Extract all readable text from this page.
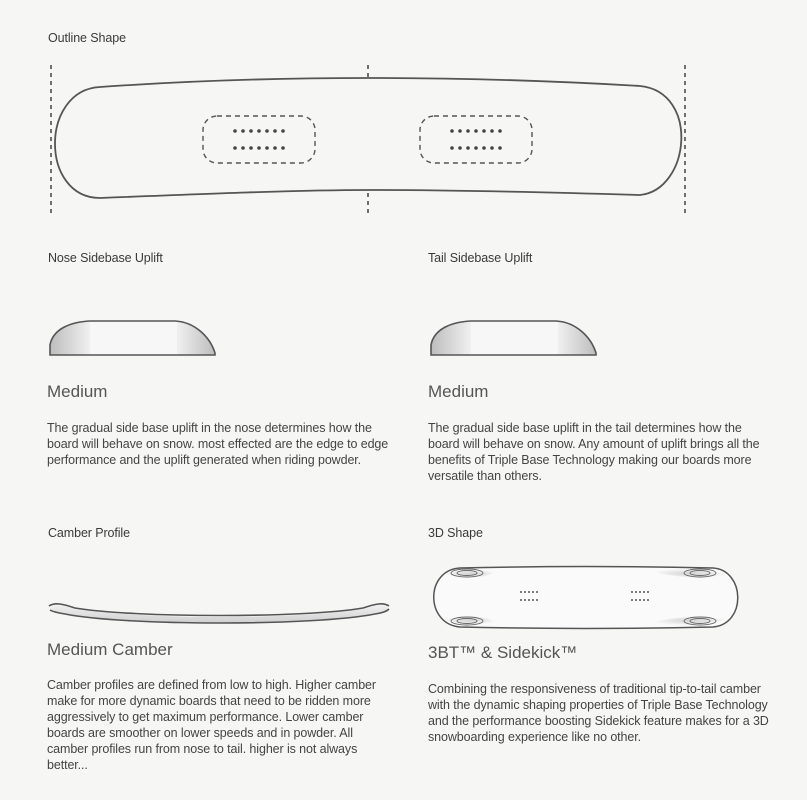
Outline Shape
Nose Sidebase Uplift
Medium
The gradual side base uplift in the nose determines how the board will behave on snow. most effected are the edge to edge performance and the uplift generated when riding powder.
Tail Sidebase Uplift
Medium
The gradual side base uplift in the tail determines how the board will behave on snow. Any amount of uplift brings all the benefits of Triple Base Technology making our boards more versatile than others.
Camber Profile
Medium Camber
Camber profiles are defined from low to high. Higher camber make for more dynamic boards that need to be ridden more aggressively to get maximum performance. Lower camber boards are smoother on lower speeds and in powder. All camber profiles run from nose to tail. higher is not always better...
3D Shape
3BT™ & Sidekick™
Combining the responsiveness of traditional tip-to-tail camber with the dynamic shaping properties of Triple Base Technology and the performance boosting Sidekick feature makes for a 3D snowboarding experience like no other.
